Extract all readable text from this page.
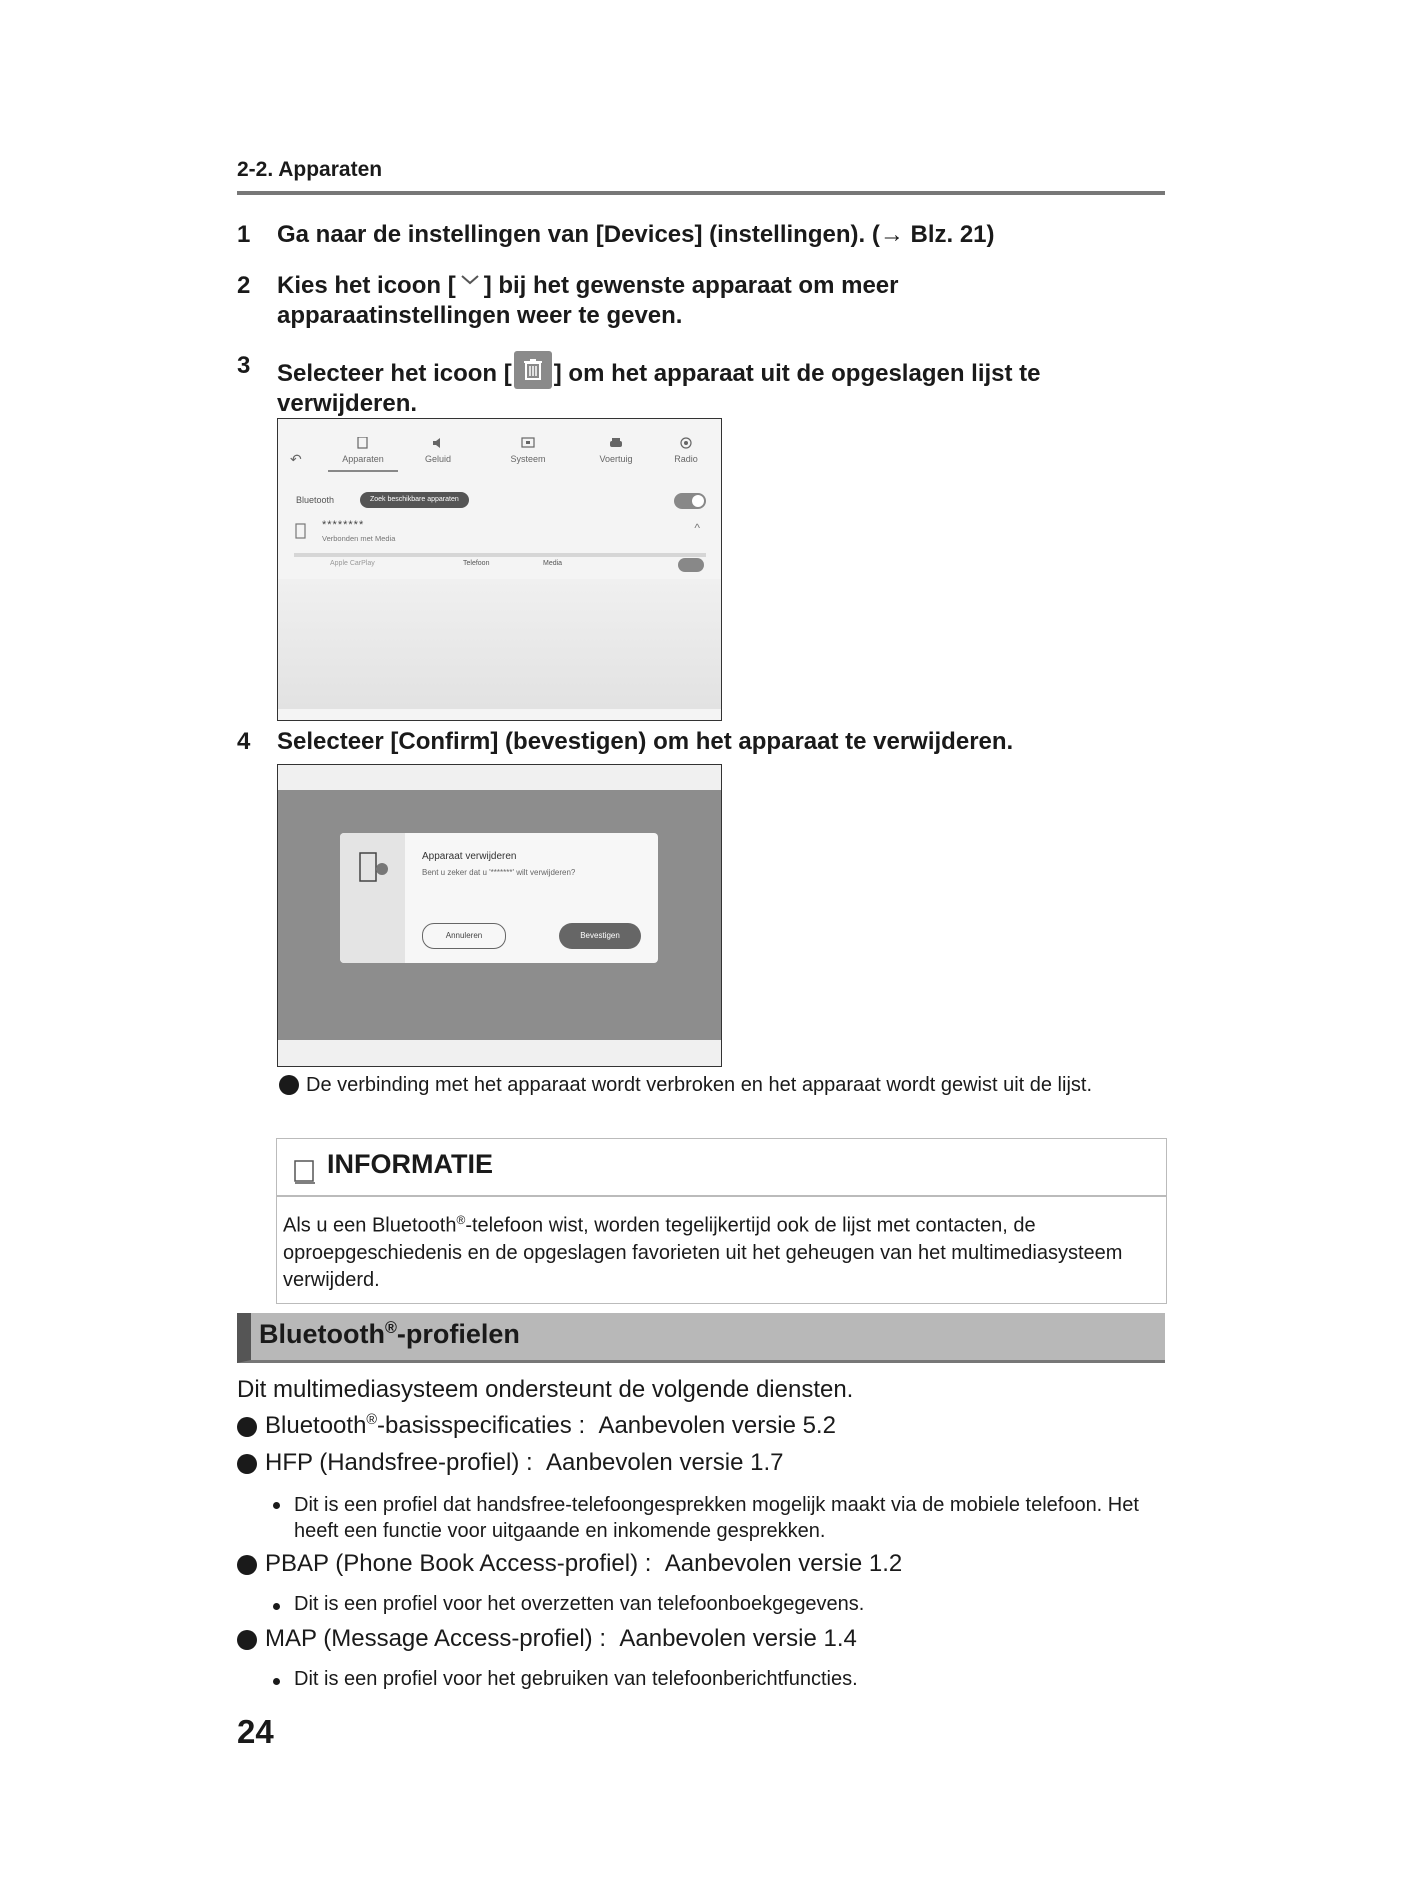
2-2. Apparaten
1 Ga naar de instellingen van [Devices] (instellingen). (→ Blz. 21)
2 Kies het icoon [ ] bij het gewenste apparaat om meer
apparaatinstellingen weer te geven.
3 Selecteer het icoon [ ] om het apparaat uit de opgeslagen lijst te
verwijderen.
↶	Apparaten	Geluid	Systeem	Voertuig	Radio
Bluetooth	Zoek beschikbare apparaten
********
Verbonden met Media
^
Apple CarPlay	Telefoon	Media
4 Selecteer [Confirm] (bevestigen) om het apparaat te verwijderen.
Apparaat verwijderen
Bent u zeker dat u '*******' wilt verwijderen?
Annuleren	Bevestigen
De verbinding met het apparaat wordt verbroken en het apparaat wordt gewist uit de lijst.
INFORMATIE
Als u een Bluetooth®-telefoon wist, worden tegelijkertijd ook de lijst met contacten, de oproepgeschiedenis en de opgeslagen favorieten uit het geheugen van het multimediasysteem verwijderd.
Bluetooth®-profielen
Dit multimediasysteem ondersteunt de volgende diensten.
Bluetooth®-basisspecificaties : Aanbevolen versie 5.2
HFP (Handsfree-profiel) : Aanbevolen versie 1.7
Dit is een profiel dat handsfree-telefoongesprekken mogelijk maakt via de mobiele telefoon. Het heeft een functie voor uitgaande en inkomende gesprekken.
PBAP (Phone Book Access-profiel) : Aanbevolen versie 1.2
Dit is een profiel voor het overzetten van telefoonboekgegevens.
MAP (Message Access-profiel) : Aanbevolen versie 1.4
Dit is een profiel voor het gebruiken van telefoonberichtfuncties.
24
